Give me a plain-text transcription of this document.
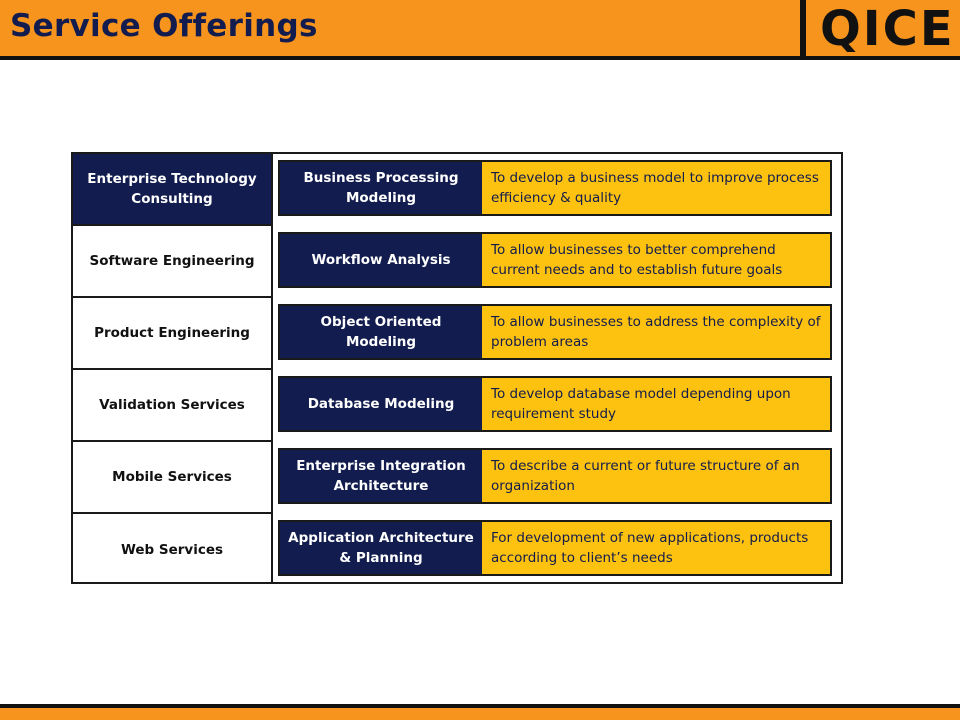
Service Offerings	QICE
Enterprise Technology Consulting
Software Engineering
Product Engineering
Validation Services
Mobile Services
Web Services
Business Processing Modeling
To develop a business model to improve process efficiency & quality
Workflow Analysis
To allow businesses to better comprehend current needs and to establish future goals
Object Oriented Modeling
To allow businesses to address the complexity of problem areas
Database Modeling
To develop database model depending upon requirement study
Enterprise Integration Architecture
To describe a current or future structure of an organization
Application Architecture & Planning
For development of new applications, products according to client’s needs
